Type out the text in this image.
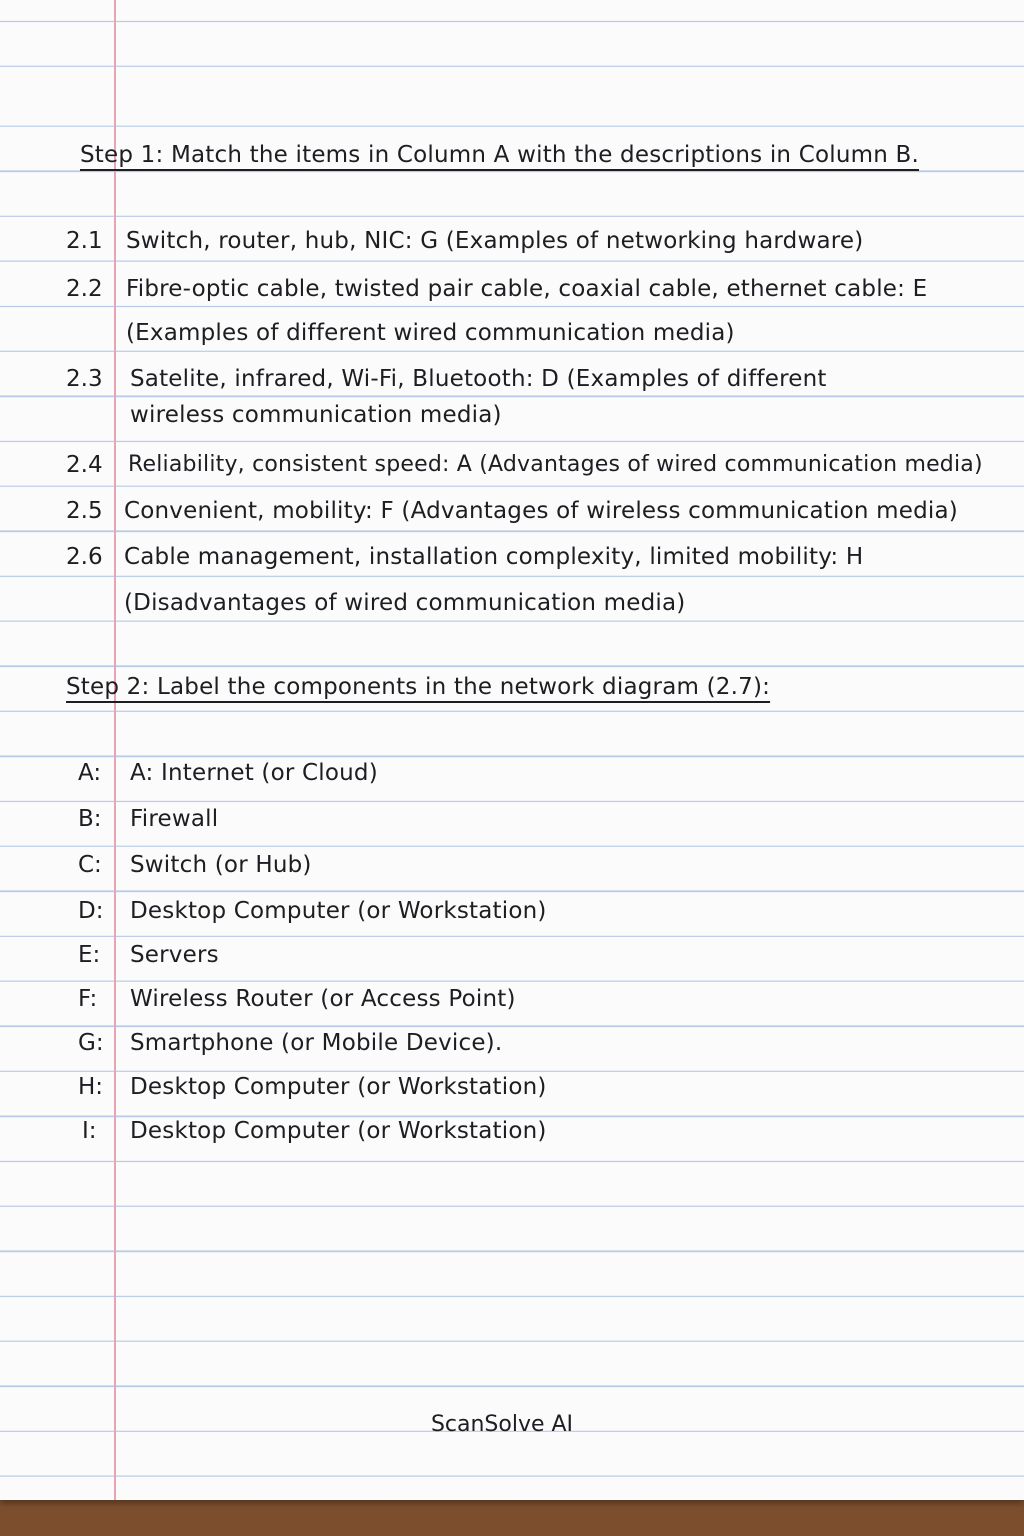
Step 1: Match the items in Column A with the descriptions in Column B.
2.1 Switch, router, hub, NIC: G (Examples of networking hardware)
2.2 Fibre-optic cable, twisted pair cable, coaxial cable, ethernet cable: E
(Examples of different wired communication media)
2.3 Satelite, infrared, Wi-Fi, Bluetooth: D (Examples of different
wireless communication media)
2.4 Reliability, consistent speed: A (Advantages of wired communication media)
2.5 Convenient, mobility: F (Advantages of wireless communication media)
2.6 Cable management, installation complexity, limited mobility: H
(Disadvantages of wired communication media)
Step 2: Label the components in the network diagram (2.7):
A: A: Internet (or Cloud)
B: Firewall
C: Switch (or Hub)
D: Desktop Computer (or Workstation)
E: Servers
F: Wireless Router (or Access Point)
G: Smartphone (or Mobile Device).
H: Desktop Computer (or Workstation)
I: Desktop Computer (or Workstation)
ScanSolve AI
